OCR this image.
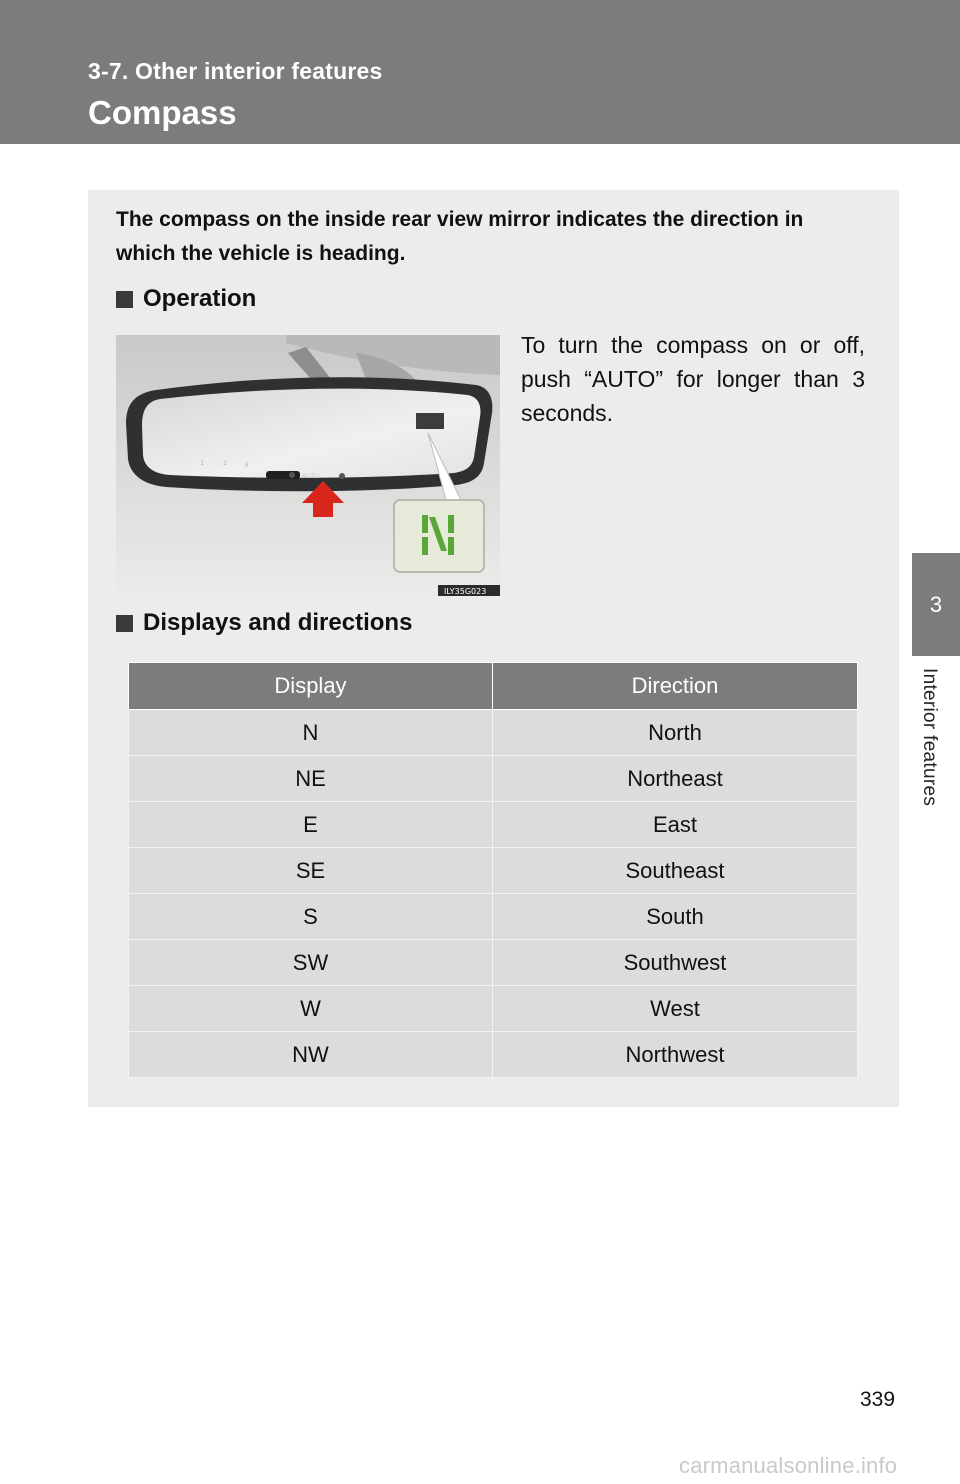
3-7. Other interior features
Compass
3
Interior features

The compass on the inside rear view mirror indicates the direction in which the vehicle is heading.

Operation
1	2 3
AUTO
ILY35G023

To turn the compass on or off, push “AUTO” for longer than 3 seconds.

Displays and directions
Display	Direction
N	North
NE	Northeast
E	East
SE	Southeast
S	South
SW	Southwest
W	West
NW	Northwest
339
carmanualsonline.info
